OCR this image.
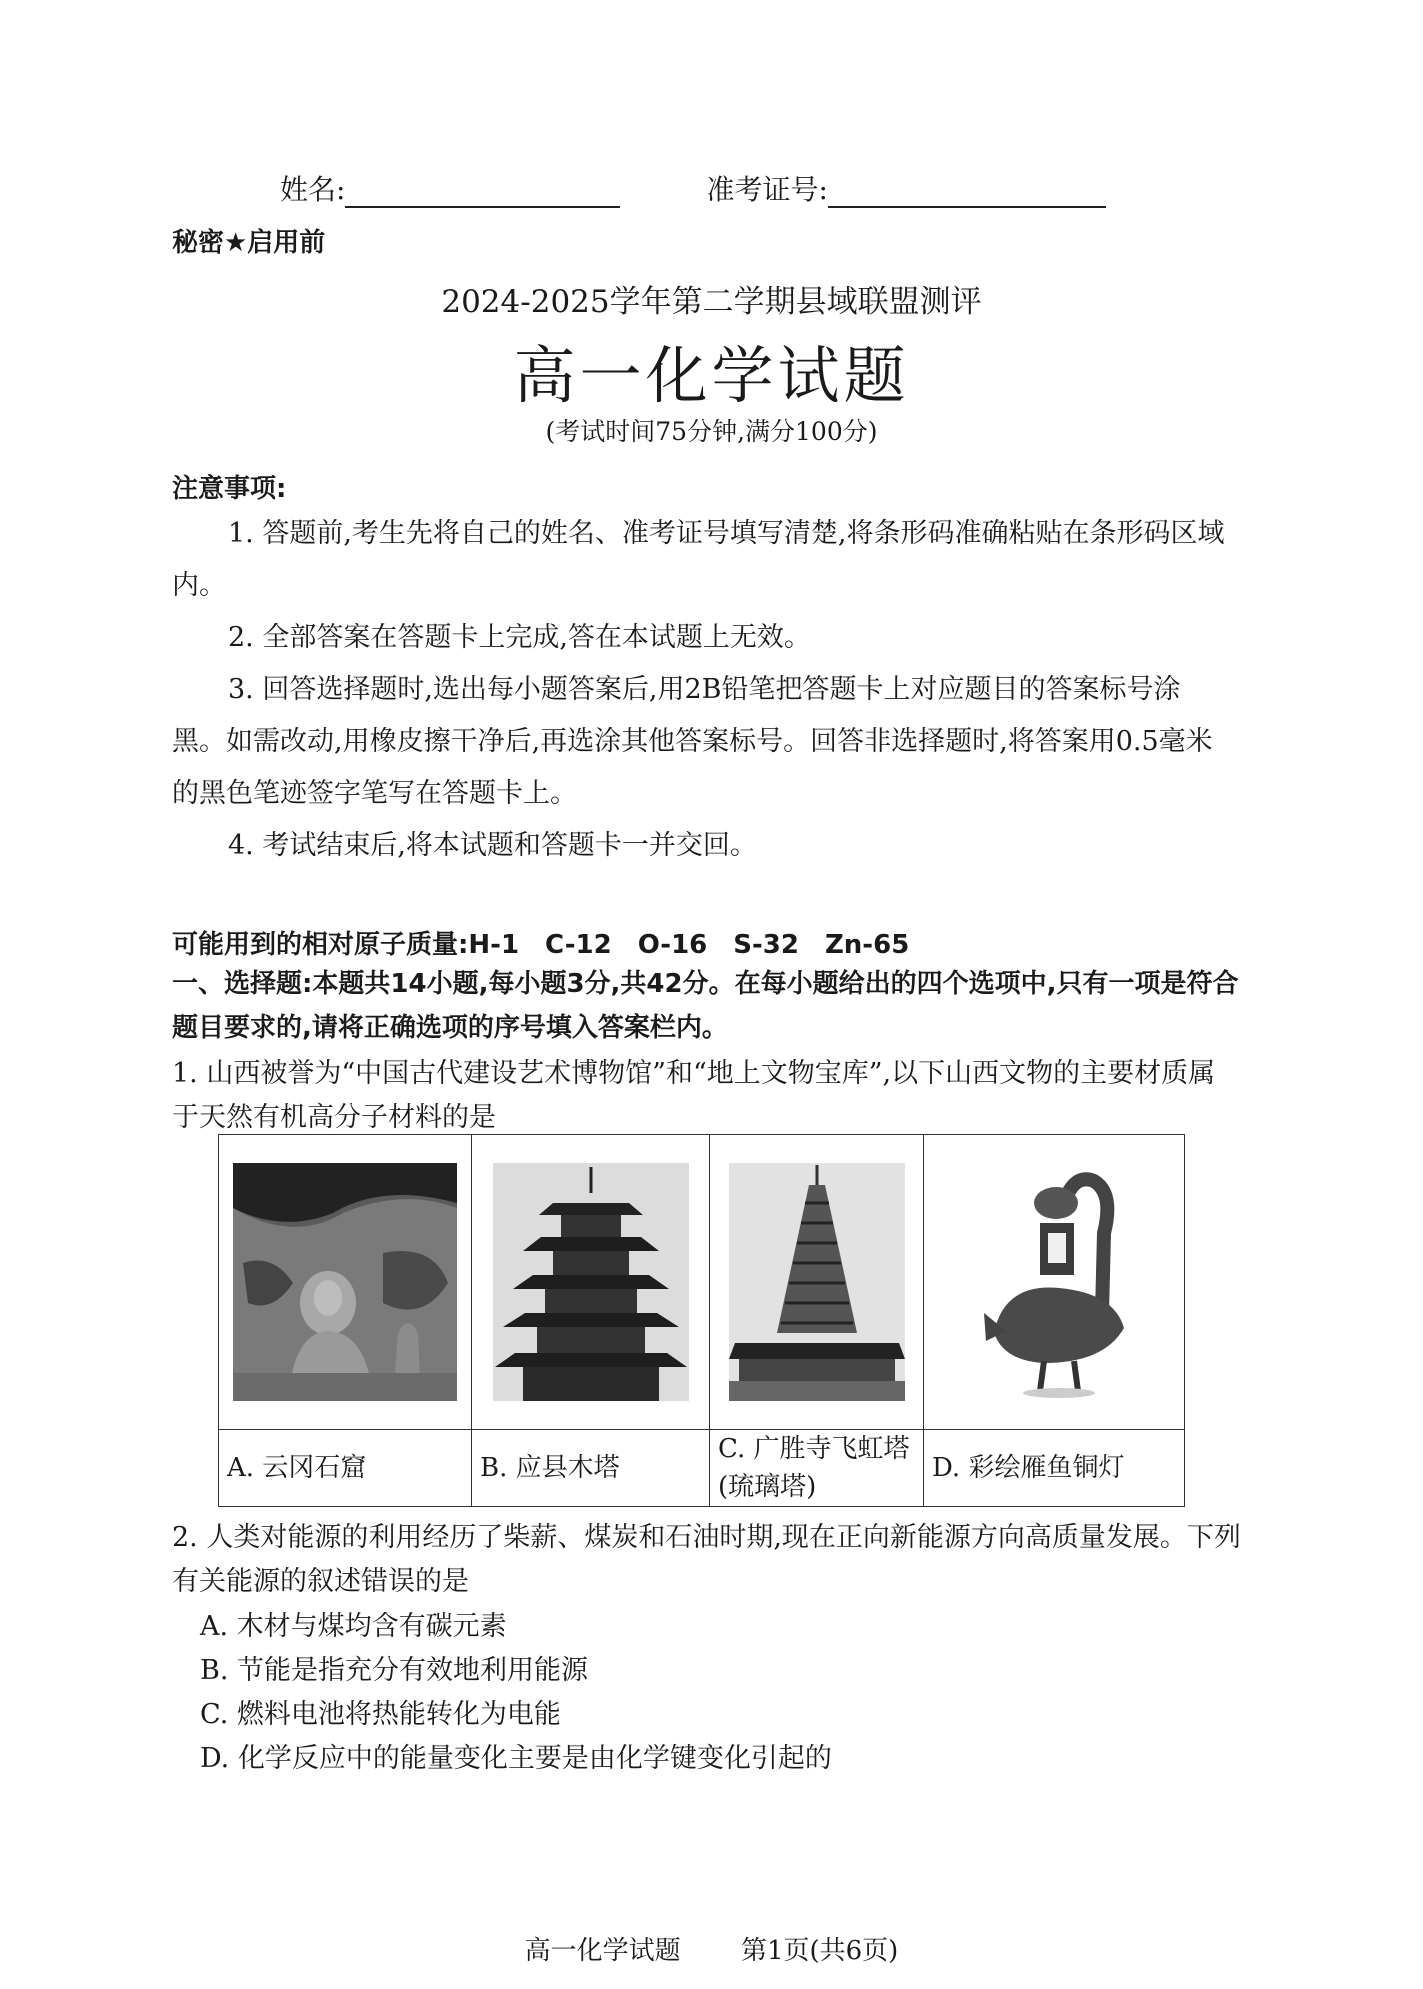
姓名:	准考证号:
秘密★启用前
2024-2025学年第二学期县域联盟测评
高一化学试题
(考试时间75分钟,满分100分)
注意事项:
1. 答题前,考生先将自己的姓名、准考证号填写清楚,将条形码准确粘贴在条形码区域内。
2. 全部答案在答题卡上完成,答在本试题上无效。
3. 回答选择题时,选出每小题答案后,用2B铅笔把答题卡上对应题目的答案标号涂黑。如需改动,用橡皮擦干净后,再选涂其他答案标号。回答非选择题时,将答案用0.5毫米的黑色笔迹签字笔写在答题卡上。
4. 考试结束后,将本试题和答题卡一并交回。
可能用到的相对原子质量:H-1　C-12　O-16　S-32　Zn-65
一、选择题:本题共14小题,每小题3分,共42分。在每小题给出的四个选项中,只有一项是符合题目要求的,请将正确选项的序号填入答案栏内。
1. 山西被誉为“中国古代建设艺术博物馆”和“地上文物宝库”,以下山西文物的主要材质属于天然有机高分子材料的是

A. 云冈石窟	B. 应县木塔	C. 广胜寺飞虹塔(琉璃塔)	D. 彩绘雁鱼铜灯
2. 人类对能源的利用经历了柴薪、煤炭和石油时期,现在正向新能源方向高质量发展。下列有关能源的叙述错误的是
A. 木材与煤均含有碳元素
B. 节能是指充分有效地利用能源
C. 燃料电池将热能转化为电能
D. 化学反应中的能量变化主要是由化学键变化引起的
高一化学试题 第1页(共6页)
